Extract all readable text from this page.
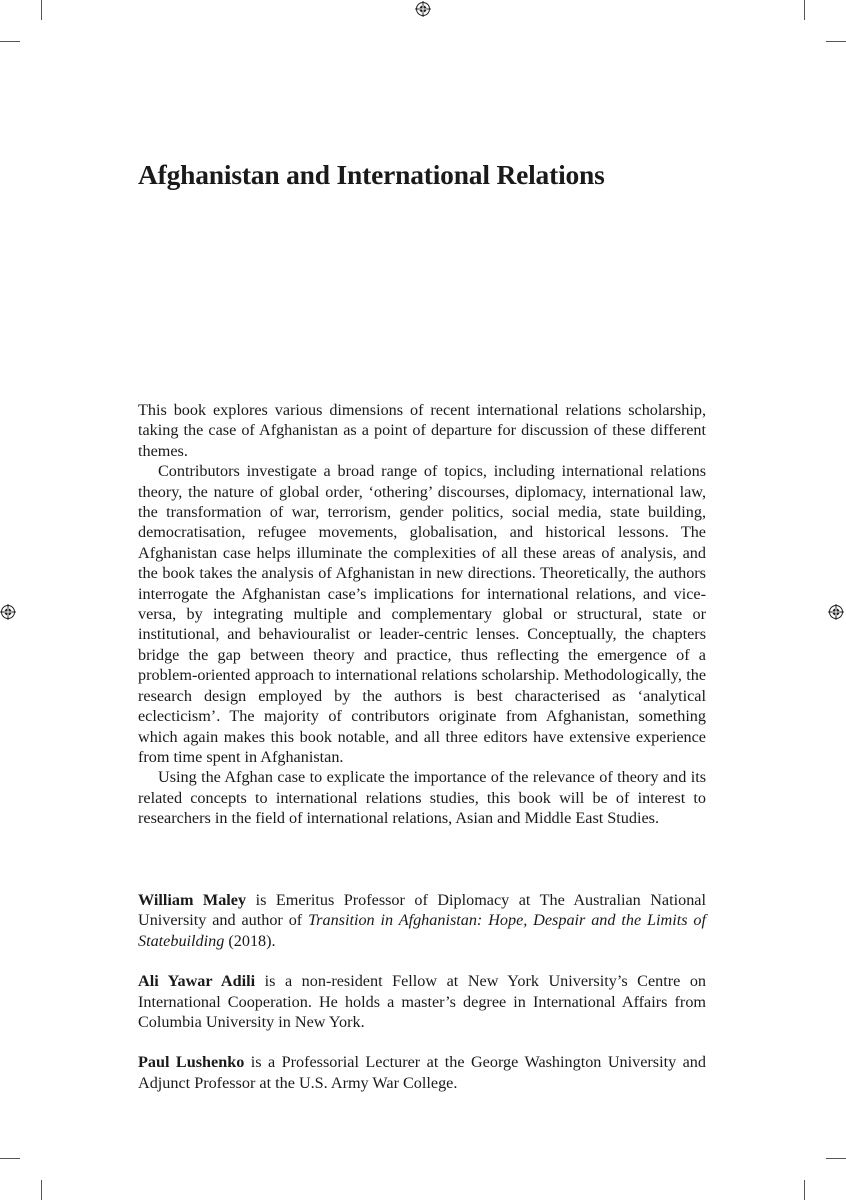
Afghanistan and International Relations

This book explores various dimensions of recent international relations scholarship, taking the case of Afghanistan as a point of departure for discussion of these different themes.

Contributors investigate a broad range of topics, including international relations theory, the nature of global order, ‘othering’ discourses, diplomacy, international law, the transformation of war, terrorism, gender politics, social media, state building, democratisation, refugee movements, globalisation, and historical lessons. The Afghanistan case helps illuminate the complexities of all these areas of analysis, and the book takes the analysis of Afghanistan in new directions. Theoretically, the authors interrogate the Afghanistan case’s implications for international relations, and vice-versa, by integrating multiple and complementary global or structural, state or institutional, and behaviouralist or leader-centric lenses. Conceptually, the chapters bridge the gap between theory and practice, thus reflecting the emergence of a problem-oriented approach to international relations scholarship. Methodologically, the research design employed by the authors is best characterised as ‘analytical eclecticism’. The majority of contributors originate from Afghanistan, something which again makes this book notable, and all three editors have extensive experience from time spent in Afghanistan.

Using the Afghan case to explicate the importance of the relevance of theory and its related concepts to international relations studies, this book will be of interest to researchers in the field of international relations, Asian and Middle East Studies.

William Maley is Emeritus Professor of Diplomacy at The Australian National University and author of Transition in Afghanistan: Hope, Despair and the Limits of Statebuilding (2018).

Ali Yawar Adili is a non-resident Fellow at New York University’s Centre on International Cooperation. He holds a master’s degree in International Affairs from Columbia University in New York.

Paul Lushenko is a Professorial Lecturer at the George Washington University and Adjunct Professor at the U.S. Army War College.
